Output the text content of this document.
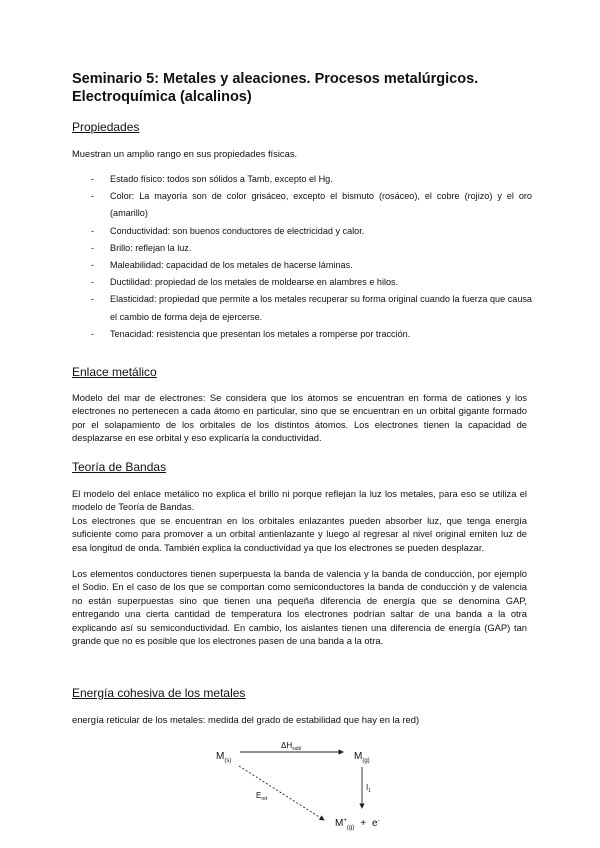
Seminario 5: Metales y aleaciones. Procesos metalúrgicos. Electroquímica (alcalinos)
Propiedades
Muestran un amplio rango en sus propiedades físicas.
- Estado físico: todos son sólidos a Tamb, excepto el Hg.
- Color: La mayoría son de color grisáceo, excepto el bismuto (rosáceo), el cobre (rojizo) y el oro (amarillo)
- Conductividad: son buenos conductores de electricidad y calor.
- Brillo: reflejan la luz.
- Maleabilidad: capacidad de los metales de hacerse láminas.
- Ductilidad: propiedad de los metales de moldearse en alambres e hilos.
- Elasticidad: propiedad que permite a los metales recuperar su forma original cuando la fuerza que causa el cambio de forma deja de ejercerse.
- Tenacidad: resistencia que presentan los metales a romperse por tracción.
Enlace metálico

Modelo del mar de electrones: Se considera que los átomos se encuentran en forma de cationes y los electrones no pertenecen a cada átomo en particular, sino que se encuentran en un orbital gigante formado por el solapamiento de los orbitales de los distintos átomos. Los electrones tienen la capacidad de desplazarse en ese orbital y eso explicaría la conductividad.

Teoría de Bandas

El modelo del enlace metálico no explica el brillo ni porque reflejan la luz los metales, para eso se utiliza el modelo de Teoría de Bandas.

Los electrones que se encuentran en los orbitales enlazantes pueden absorber luz, que tenga energía suficiente como para promover a un orbital antienlazante y luego al regresar al nivel original emiten luz de esa longitud de onda. También explica la conductividad ya que los electrones se pueden desplazar.

Los elementos conductores tienen superpuesta la banda de valencia y la banda de conducción, por ejemplo el Sodio. En el caso de los que se comportan como semiconductores la banda de conducción y de valencia no están superpuestas sino que tienen una pequeña diferencia de energía que se denomina GAP, entregando una cierta cantidad de temperatura los electrones podrían saltar de una banda a la otra explicando así su semiconductividad. En cambio, los aislantes tienen una diferencia de energía (GAP) tan grande que no es posible que los electrones pasen de una banda a la otra.

Energía cohesiva de los metales
energía reticular de los metales: medida del grado de estabilidad que hay en la red)
$M_{(s)}$	$M_{(g)}$
$\Delta H_{subl}$
$I_1$
$E_{ret}$
$M^+_{(g)} + e^-$
